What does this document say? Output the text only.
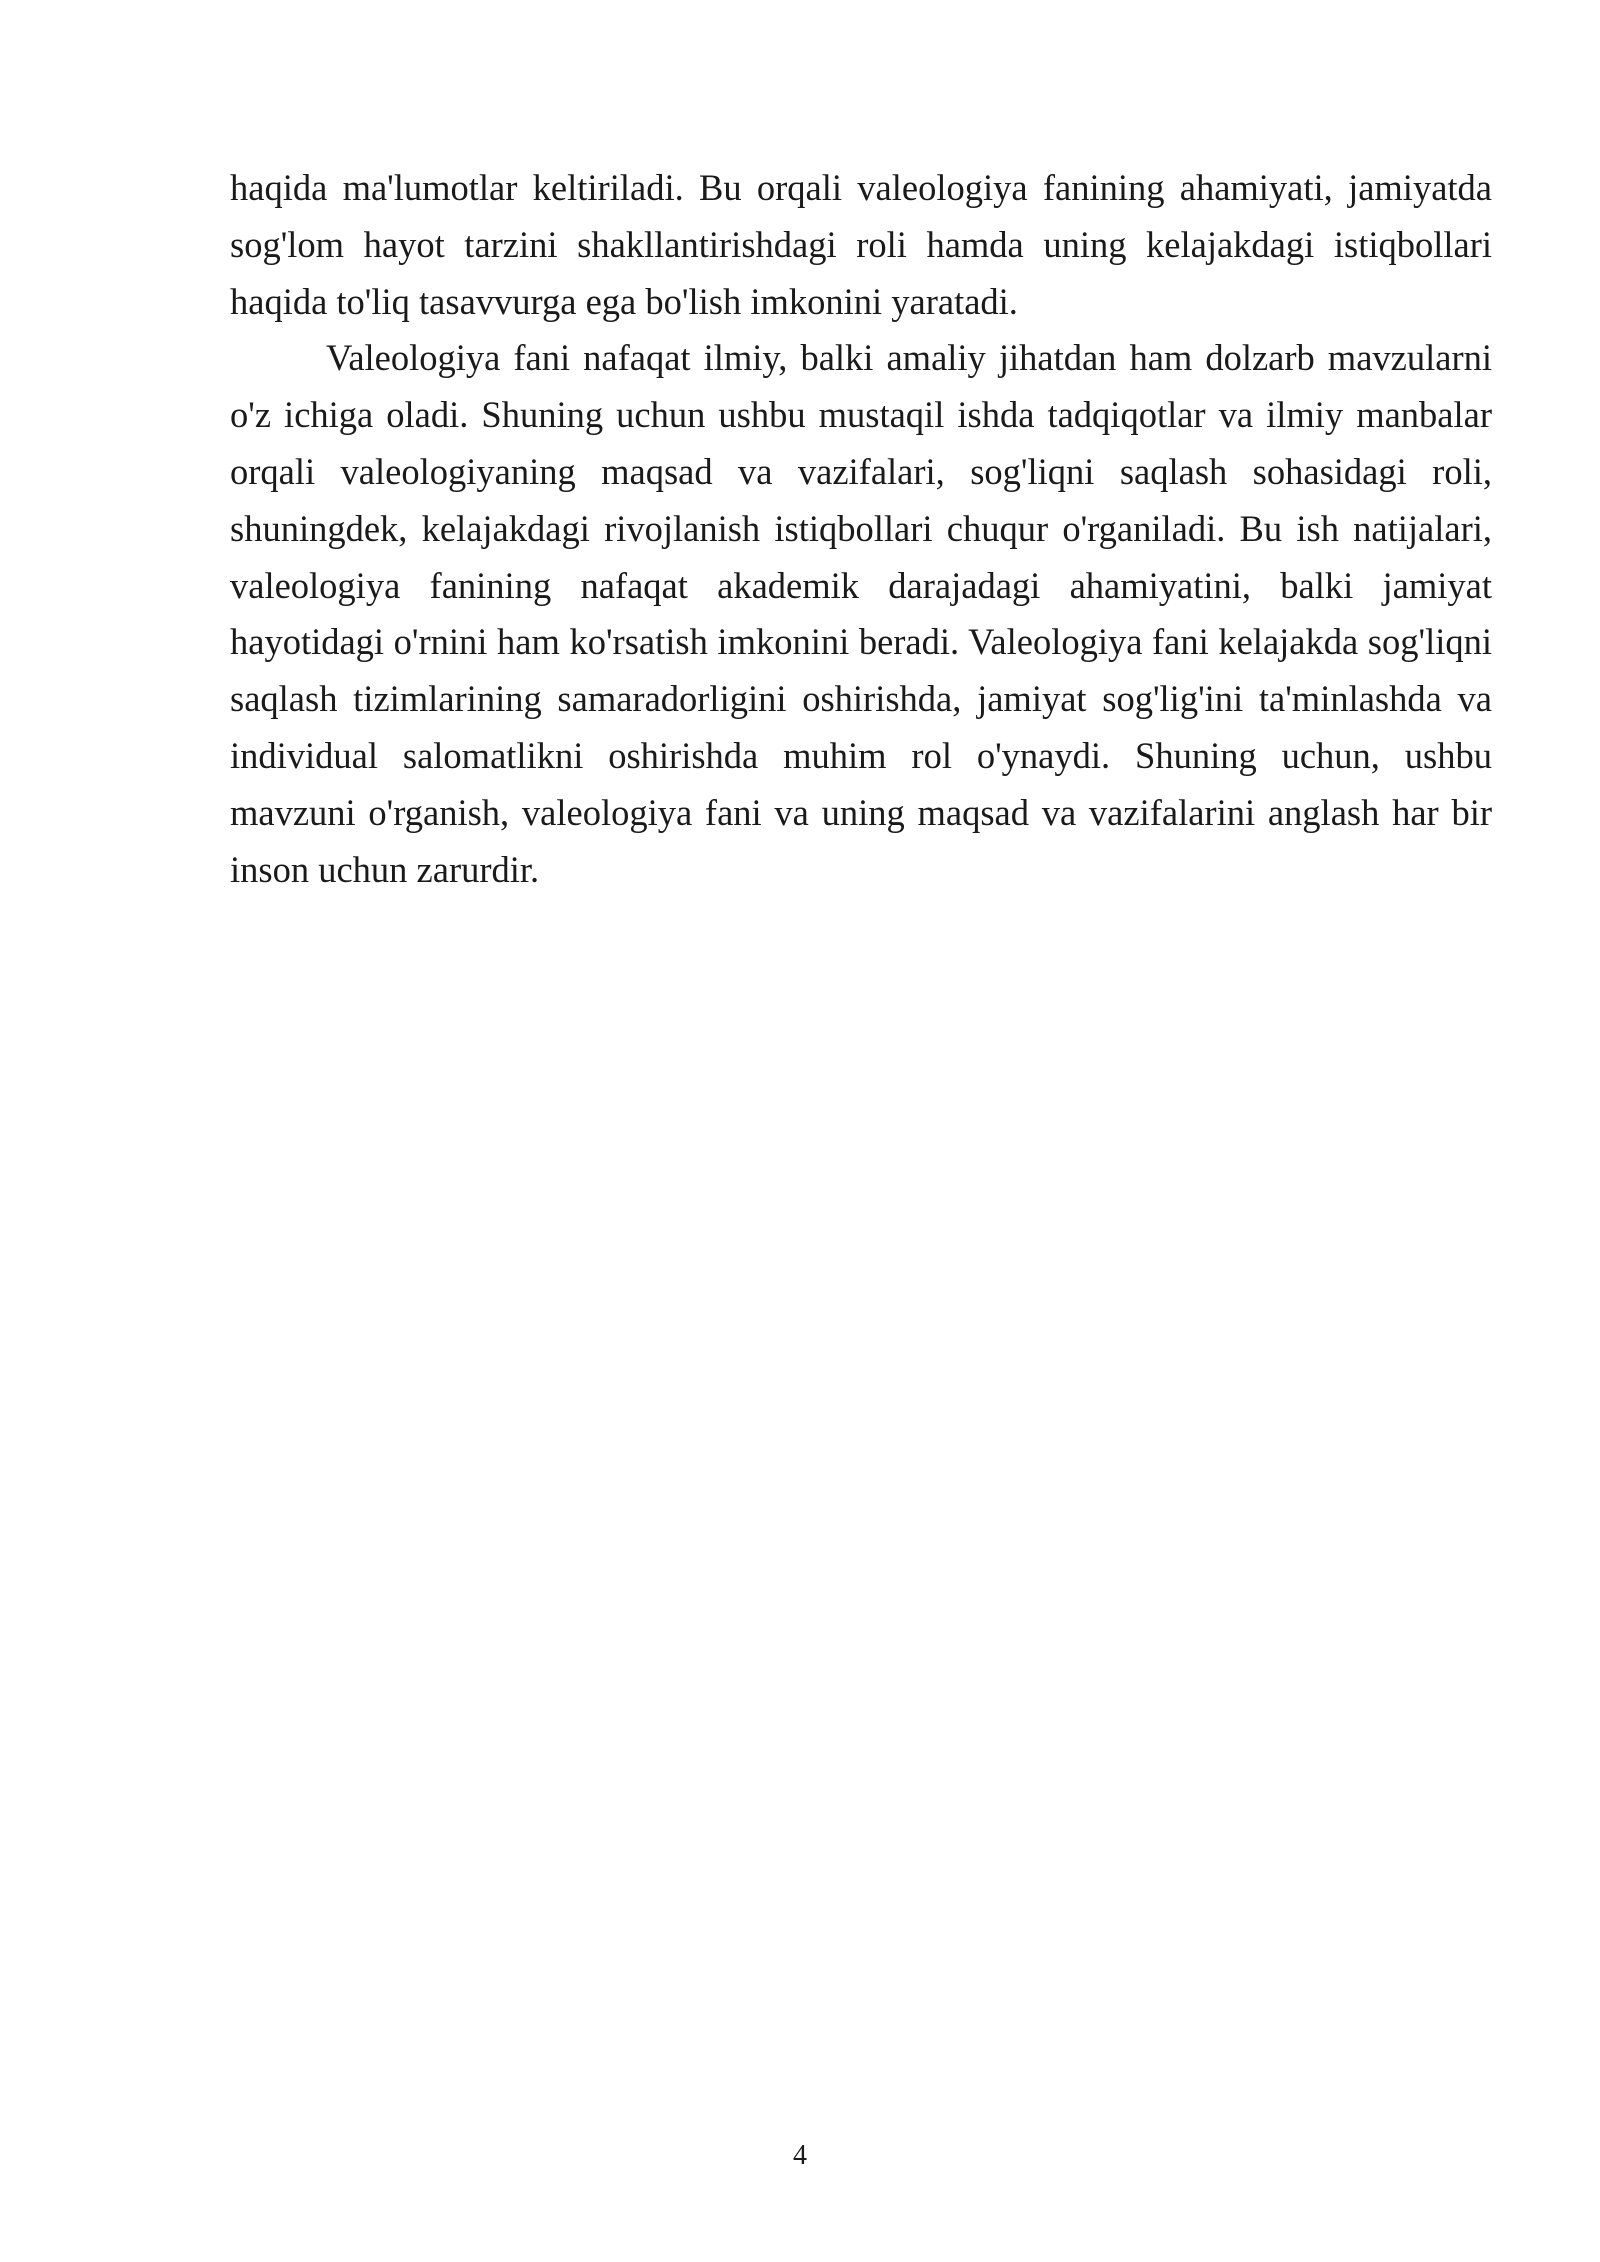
haqida ma'lumotlar keltiriladi. Bu orqali valeologiya fanining ahamiyati, jamiyatda sog'lom hayot tarzini shakllantirishdagi roli hamda uning kelajakdagi istiqbollari haqida to'liq tasavvurga ega bo'lish imkonini yaratadi.

Valeologiya fani nafaqat ilmiy, balki amaliy jihatdan ham dolzarb mavzularni o'z ichiga oladi. Shuning uchun ushbu mustaqil ishda tadqiqotlar va ilmiy manbalar orqali valeologiyaning maqsad va vazifalari, sog'liqni saqlash sohasidagi roli, shuningdek, kelajakdagi rivojlanish istiqbollari chuqur o'rganiladi. Bu ish natijalari, valeologiya fanining nafaqat akademik darajadagi ahamiyatini, balki jamiyat hayotidagi o'rnini ham ko'rsatish imkonini beradi. Valeologiya fani kelajakda sog'liqni saqlash tizimlarining samaradorligini oshirishda, jamiyat sog'lig'ini ta'minlashda va individual salomatlikni oshirishda muhim rol o'ynaydi. Shuning uchun, ushbu mavzuni o'rganish, valeologiya fani va uning maqsad va vazifalarini anglash har bir inson uchun zarurdir.

4
